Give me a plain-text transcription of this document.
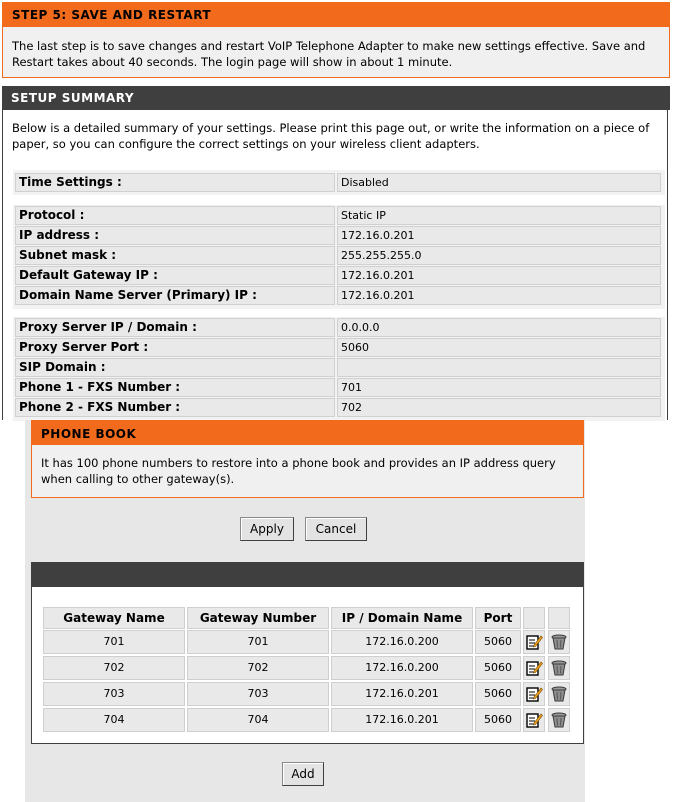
STEP 5: SAVE AND RESTART
The last step is to save changes and restart VoIP Telephone Adapter to make new settings effective. Save and Restart takes about 40 seconds. The login page will show in about 1 minute.
SETUP SUMMARY
Below is a detailed summary of your settings. Please print this page out, or write the information on a piece of paper, so you can configure the correct settings on your wireless client adapters.
Time Settings :	Disabled
Protocol :	Static IP
IP address :	172.16.0.201
Subnet mask :	255.255.255.0
Default Gateway IP :	172.16.0.201
Domain Name Server (Primary) IP :	172.16.0.201
Proxy Server IP / Domain :	0.0.0.0
Proxy Server Port :	5060
SIP Domain :
Phone 1 - FXS Number :	701
Phone 2 - FXS Number :	702
PHONE BOOK
It has 100 phone numbers to restore into a phone book and provides an IP address query when calling to other gateway(s).
Apply	Cancel
Gateway Name	Gateway Number	IP / Domain Name	Port
701	701	172.16.0.200	5060
702	702	172.16.0.200	5060
703	703	172.16.0.201	5060
704	704	172.16.0.201	5060
Add
